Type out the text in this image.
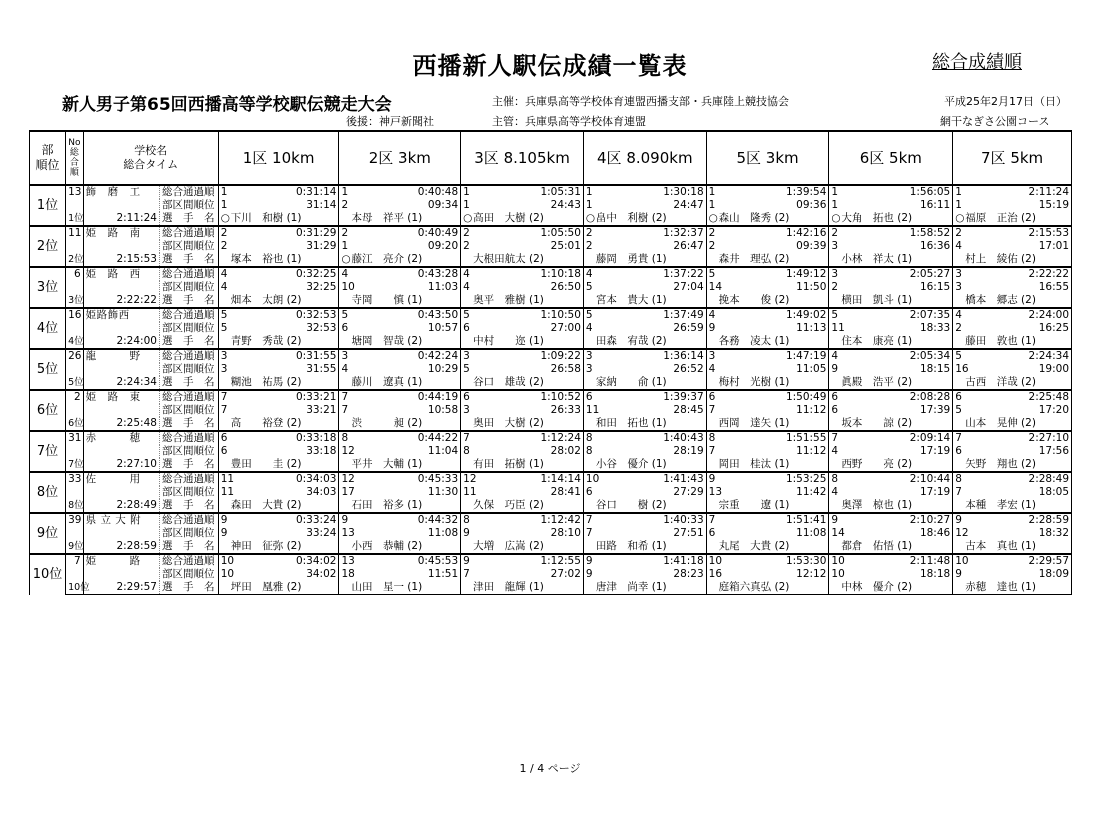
西播新人駅伝成績一覧表	総合成績順
新人男子第65回西播高等学校駅伝競走大会	主催：兵庫県高等学校体育連盟西播支部・兵庫陸上競技協会	平成25年2月17日（日）
後援：神戸新聞社	主管：兵庫県高等学校体育連盟	網干なぎさ公園コース
部
順位	No
総
合
順	学校名
総合タイム		1区 10km		2区 3km		3区 8.105km		4区 8.090km		5区 3km		6区 5km		7区 5km	
1位	13	飾　磨　工	総合通過順	1	0:31:14	1	0:40:48	1	1:05:31	1	1:30:18	1	1:39:54	1	1:56:05	1	2:11:24
			部区間順位	1	31:14	2	09:34	1	24:43	1	24:47	1	09:36	1	16:11	1	15:19
	1位	2:11:24	選　手　名	○下川　和樹 (1)		本母　祥平 (1)		○高田　大樹 (2)		○畠中　利樹 (2)		○森山　隆秀 (2)		○大角　拓也 (2)		○福原　正治 (2)	
2位	11	姫　路　南	総合通過順	2	0:31:29	2	0:40:49	2	1:05:50	2	1:32:37	2	1:42:16	2	1:58:52	2	2:15:53
			部区間順位	2	31:29	1	09:20	2	25:01	2	26:47	2	09:39	3	16:36	4	17:01
	2位	2:15:53	選　手　名	塚本　裕也 (1)		○藤江　亮介 (2)		大根田航太 (2)		藤岡　勇貴 (1)		森井　理弘 (2)		小林　祥太 (1)		村上　綾佑 (2)	
3位	6	姫　路　西	総合通過順	4	0:32:25	4	0:43:28	4	1:10:18	4	1:37:22	5	1:49:12	3	2:05:27	3	2:22:22
			部区間順位	4	32:25	10	11:03	4	26:50	5	27:04	14	11:50	2	16:15	3	16:55
	3位	2:22:22	選　手　名	畑本　太朗 (2)		寺岡　　慎 (1)		奥平　雅樹 (1)		宮本　貴大 (1)		挽本　　俊 (2)		横田　凱斗 (1)		橋本　郷志 (2)	
4位	16	姫路飾西	総合通過順	5	0:32:53	5	0:43:50	5	1:10:50	5	1:37:49	4	1:49:02	5	2:07:35	4	2:24:00
			部区間順位	5	32:53	6	10:57	6	27:00	4	26:59	9	11:13	11	18:33	2	16:25
	4位	2:24:00	選　手　名	青野　秀哉 (2)		塘岡　智哉 (2)		中村　　迩 (1)		田森　宥哉 (2)		各務　凌太 (1)		住本　康亮 (1)		藤田　敦也 (1)	
5位	26	龍　　　野	総合通過順	3	0:31:55	3	0:42:24	3	1:09:22	3	1:36:14	3	1:47:19	4	2:05:34	5	2:24:34
			部区間順位	3	31:55	4	10:29	5	26:58	3	26:52	4	11:05	9	18:15	16	19:00
	5位	2:24:34	選　手　名	糊池　祐馬 (2)		藤川　遼真 (1)		谷口　雄哉 (2)		家納　　俞 (1)		梅村　光樹 (1)		眞殿　浩平 (2)		古西　洋哉 (2)	
6位	2	姫　路　東	総合通過順	7	0:33:21	7	0:44:19	6	1:10:52	6	1:39:37	6	1:50:49	6	2:08:28	6	2:25:48
			部区間順位	7	33:21	7	10:58	3	26:33	11	28:45	7	11:12	6	17:39	5	17:20
	6位	2:25:48	選　手　名	高　　裕登 (2)		渋　　　昶 (2)		奥田　大樹 (2)		和田　拓也 (1)		西岡　達矢 (1)		坂本　　諒 (2)		山本　晃伸 (2)	
7位	31	赤　　　穂	総合通過順	6	0:33:18	8	0:44:22	7	1:12:24	8	1:40:43	8	1:51:55	7	2:09:14	7	2:27:10
			部区間順位	6	33:18	12	11:04	8	28:02	8	28:19	7	11:12	4	17:19	6	17:56
	7位	2:27:10	選　手　名	豊田　　圭 (2)		平井　大輔 (1)		有田　拓樹 (1)		小谷　優介 (1)		岡田　桂汰 (1)		西野　　亮 (2)		矢野　翔也 (2)	
8位	33	佐　　　用	総合通過順	11	0:34:03	12	0:45:33	12	1:14:14	10	1:41:43	9	1:53:25	8	2:10:44	8	2:28:49
			部区間順位	11	34:03	17	11:30	11	28:41	6	27:29	13	11:42	4	17:19	7	18:05
	8位	2:28:49	選　手　名	森田　大貴 (2)		石田　裕多 (1)		久保　巧臣 (2)		谷口　　樹 (2)		宗重　　遼 (1)		奥澤　椋也 (1)		本種　孝宏 (1)	
9位	39	県 立 大 附	総合通過順	9	0:33:24	9	0:44:32	8	1:12:42	7	1:40:33	7	1:51:41	9	2:10:27	9	2:28:59
			部区間順位	9	33:24	13	11:08	9	28:10	7	27:51	6	11:08	14	18:46	12	18:32
	9位	2:28:59	選　手　名	神田　征弥 (2)		小西　恭輔 (2)		大増　広嵩 (2)		田路　和希 (1)		丸尾　大貴 (2)		都倉　佑悟 (1)		古本　真也 (1)	
10位	7	姫　　　路	総合通過順	10	0:34:02	13	0:45:53	9	1:12:55	9	1:41:18	10	1:53:30	10	2:11:48	10	2:29:57
			部区間順位	10	34:02	18	11:51	7	27:02	9	28:23	16	12:12	10	18:18	9	18:09
	10位	2:29:57	選　手　名	坪田　凰雅 (2)		山田　星一 (1)		津田　龍輝 (1)		唐津　尚幸 (1)		庭箱六真弘 (2)		中林　優介 (2)		赤穂　達也 (1)	
1 / 4 ページ
